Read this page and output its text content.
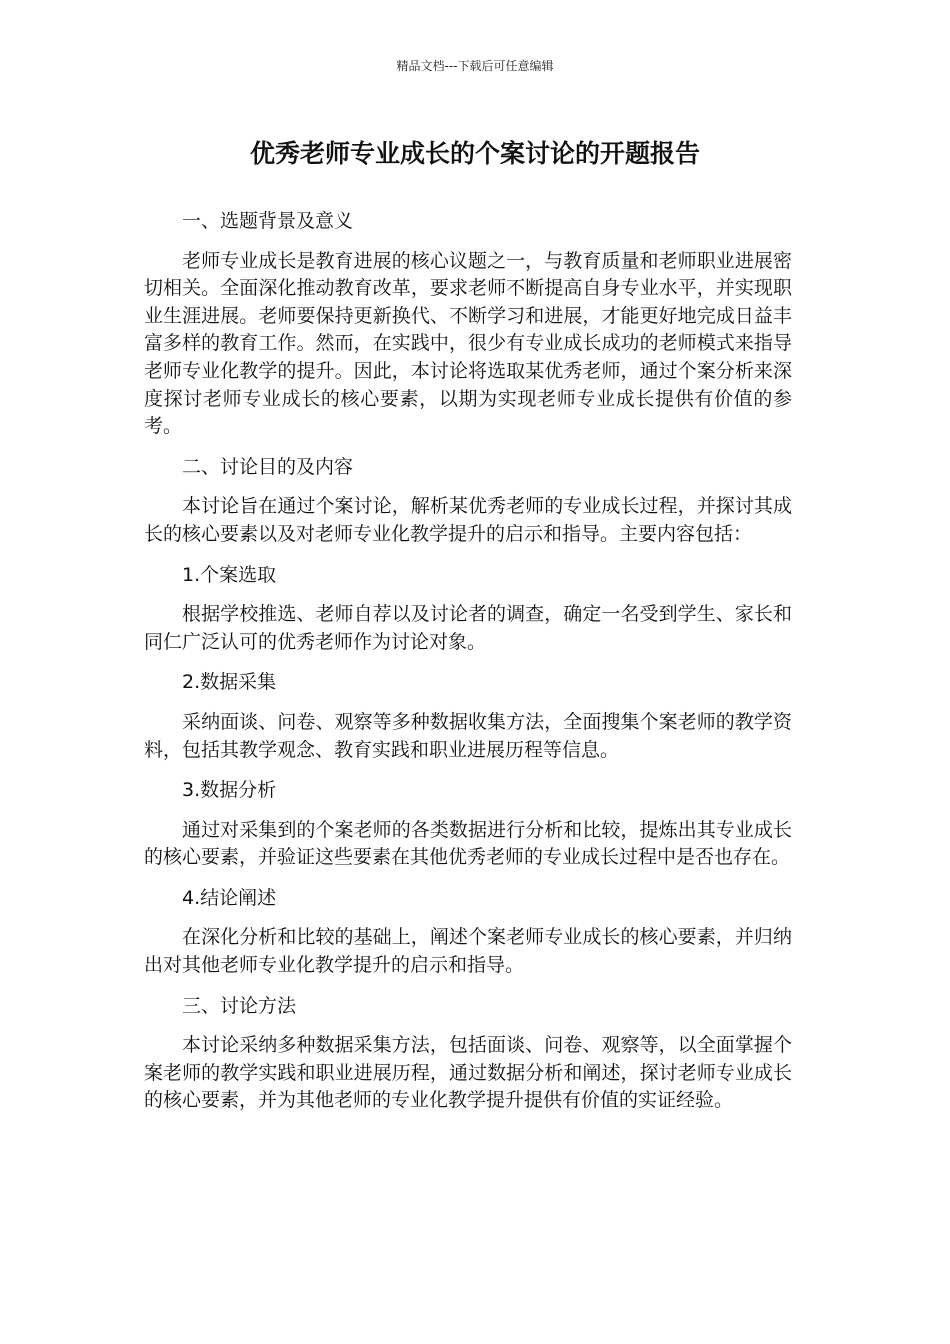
精品文档---下载后可任意编辑
优秀老师专业成长的个案讨论的开题报告

一、选题背景及意义

老师专业成长是教育进展的核心议题之一，与教育质量和老师职业进展密切相关。全面深化推动教育改革，要求老师不断提高自身专业水平，并实现职业生涯进展。老师要保持更新换代、不断学习和进展，才能更好地完成日益丰富多样的教育工作。然而，在实践中，很少有专业成长成功的老师模式来指导老师专业化教学的提升。因此，本讨论将选取某优秀老师，通过个案分析来深度探讨老师专业成长的核心要素，以期为实现老师专业成长提供有价值的参考。

二、讨论目的及内容

本讨论旨在通过个案讨论，解析某优秀老师的专业成长过程，并探讨其成长的核心要素以及对老师专业化教学提升的启示和指导。主要内容包括：

1.个案选取

根据学校推选、老师自荐以及讨论者的调查，确定一名受到学生、家长和同仁广泛认可的优秀老师作为讨论对象。

2.数据采集

采纳面谈、问卷、观察等多种数据收集方法，全面搜集个案老师的教学资料，包括其教学观念、教育实践和职业进展历程等信息。

3.数据分析

通过对采集到的个案老师的各类数据进行分析和比较，提炼出其专业成长的核心要素，并验证这些要素在其他优秀老师的专业成长过程中是否也存在。

4.结论阐述

在深化分析和比较的基础上，阐述个案老师专业成长的核心要素，并归纳出对其他老师专业化教学提升的启示和指导。

三、讨论方法

本讨论采纳多种数据采集方法，包括面谈、问卷、观察等，以全面掌握个案老师的教学实践和职业进展历程，通过数据分析和阐述，探讨老师专业成长的核心要素，并为其他老师的专业化教学提升提供有价值的实证经验。
